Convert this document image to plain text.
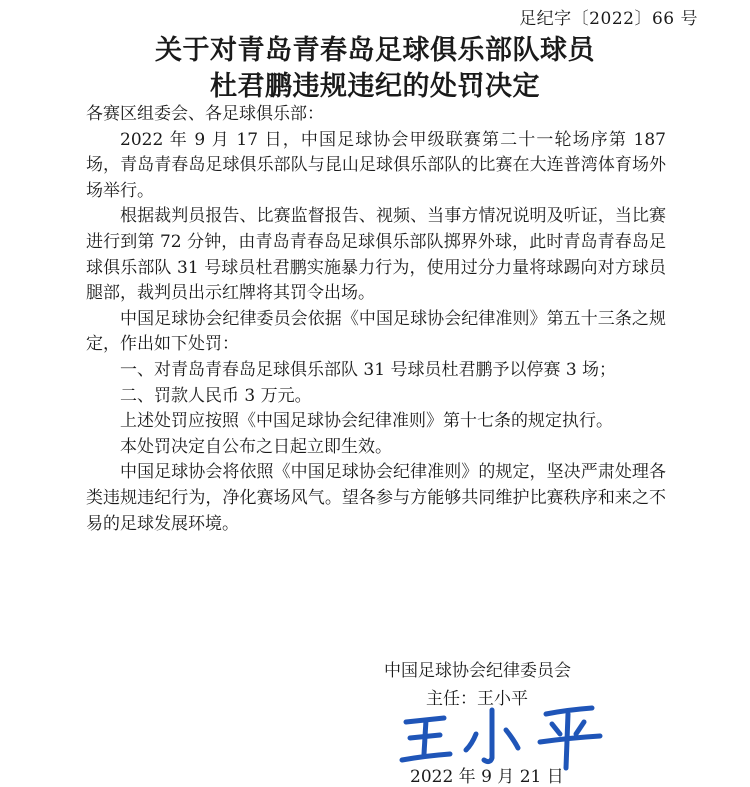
足纪字〔2022〕66 号
关于对青岛青春岛足球俱乐部队球员
杜君鹏违规违纪的处罚决定

各赛区组委会、各足球俱乐部：

2022 年 9 月 17 日，中国足球协会甲级联赛第二十一轮场序第 187 场，青岛青春岛足球俱乐部队与昆山足球俱乐部队的比赛在大连普湾体育场外场举行。

根据裁判员报告、比赛监督报告、视频、当事方情况说明及听证，当比赛进行到第 72 分钟，由青岛青春岛足球俱乐部队掷界外球，此时青岛青春岛足球俱乐部队 31 号球员杜君鹏实施暴力行为，使用过分力量将球踢向对方球员腿部，裁判员出示红牌将其罚令出场。

中国足球协会纪律委员会依据《中国足球协会纪律准则》第五十三条之规定，作出如下处罚：

一、对青岛青春岛足球俱乐部队 31 号球员杜君鹏予以停赛 3 场；

二、罚款人民币 3 万元。

上述处罚应按照《中国足球协会纪律准则》第十七条的规定执行。

本处罚决定自公布之日起立即生效。

中国足球协会将依照《中国足球协会纪律准则》的规定，坚决严肃处理各类违规违纪行为，净化赛场风气。望各参与方能够共同维护比赛秩序和来之不易的足球发展环境。

中国足球协会纪律委员会
主任：王小平
2022 年 9 月 21 日
